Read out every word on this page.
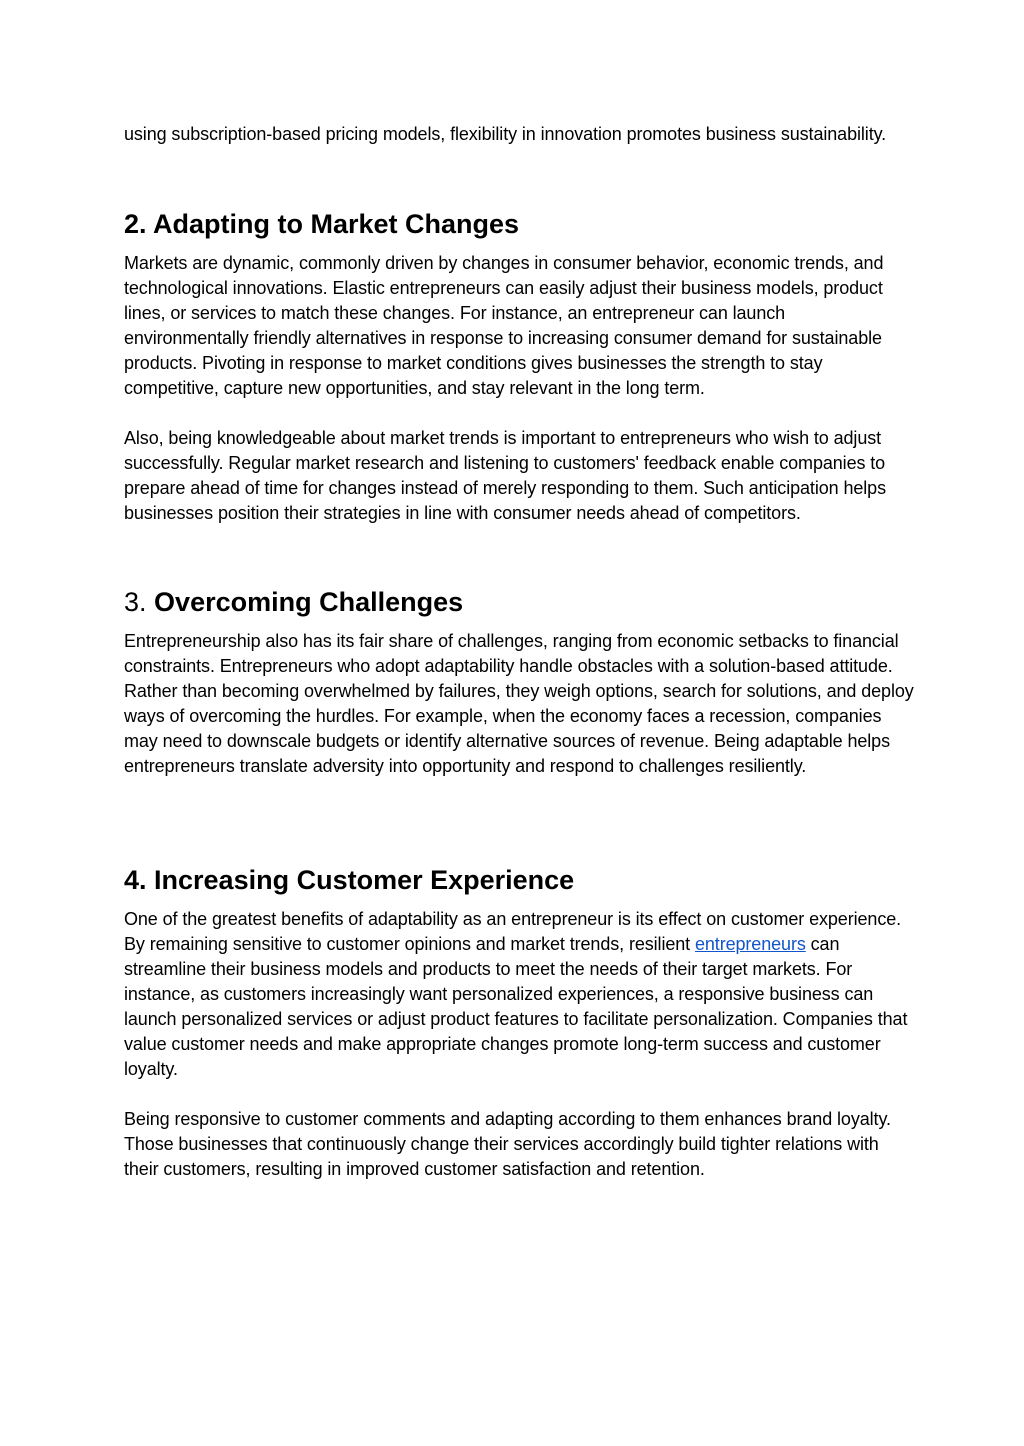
using subscription-based pricing models, flexibility in innovation promotes business sustainability.

2. Adapting to Market Changes

Markets are dynamic, commonly driven by changes in consumer behavior, economic trends, and technological innovations. Elastic entrepreneurs can easily adjust their business models, product lines, or services to match these changes. For instance, an entrepreneur can launch environmentally friendly alternatives in response to increasing consumer demand for sustainable products. Pivoting in response to market conditions gives businesses the strength to stay competitive, capture new opportunities, and stay relevant in the long term.

Also, being knowledgeable about market trends is important to entrepreneurs who wish to adjust successfully. Regular market research and listening to customers' feedback enable companies to prepare ahead of time for changes instead of merely responding to them. Such anticipation helps businesses position their strategies in line with consumer needs ahead of competitors.

3. Overcoming Challenges

Entrepreneurship also has its fair share of challenges, ranging from economic setbacks to financial constraints. Entrepreneurs who adopt adaptability handle obstacles with a solution-based attitude. Rather than becoming overwhelmed by failures, they weigh options, search for solutions, and deploy ways of overcoming the hurdles. For example, when the economy faces a recession, companies may need to downscale budgets or identify alternative sources of revenue. Being adaptable helps entrepreneurs translate adversity into opportunity and respond to challenges resiliently.

4. Increasing Customer Experience

One of the greatest benefits of adaptability as an entrepreneur is its effect on customer experience. By remaining sensitive to customer opinions and market trends, resilient entrepreneurs can streamline their business models and products to meet the needs of their target markets. For instance, as customers increasingly want personalized experiences, a responsive business can launch personalized services or adjust product features to facilitate personalization. Companies that value customer needs and make appropriate changes promote long-term success and customer loyalty.

Being responsive to customer comments and adapting according to them enhances brand loyalty. Those businesses that continuously change their services accordingly build tighter relations with their customers, resulting in improved customer satisfaction and retention.
